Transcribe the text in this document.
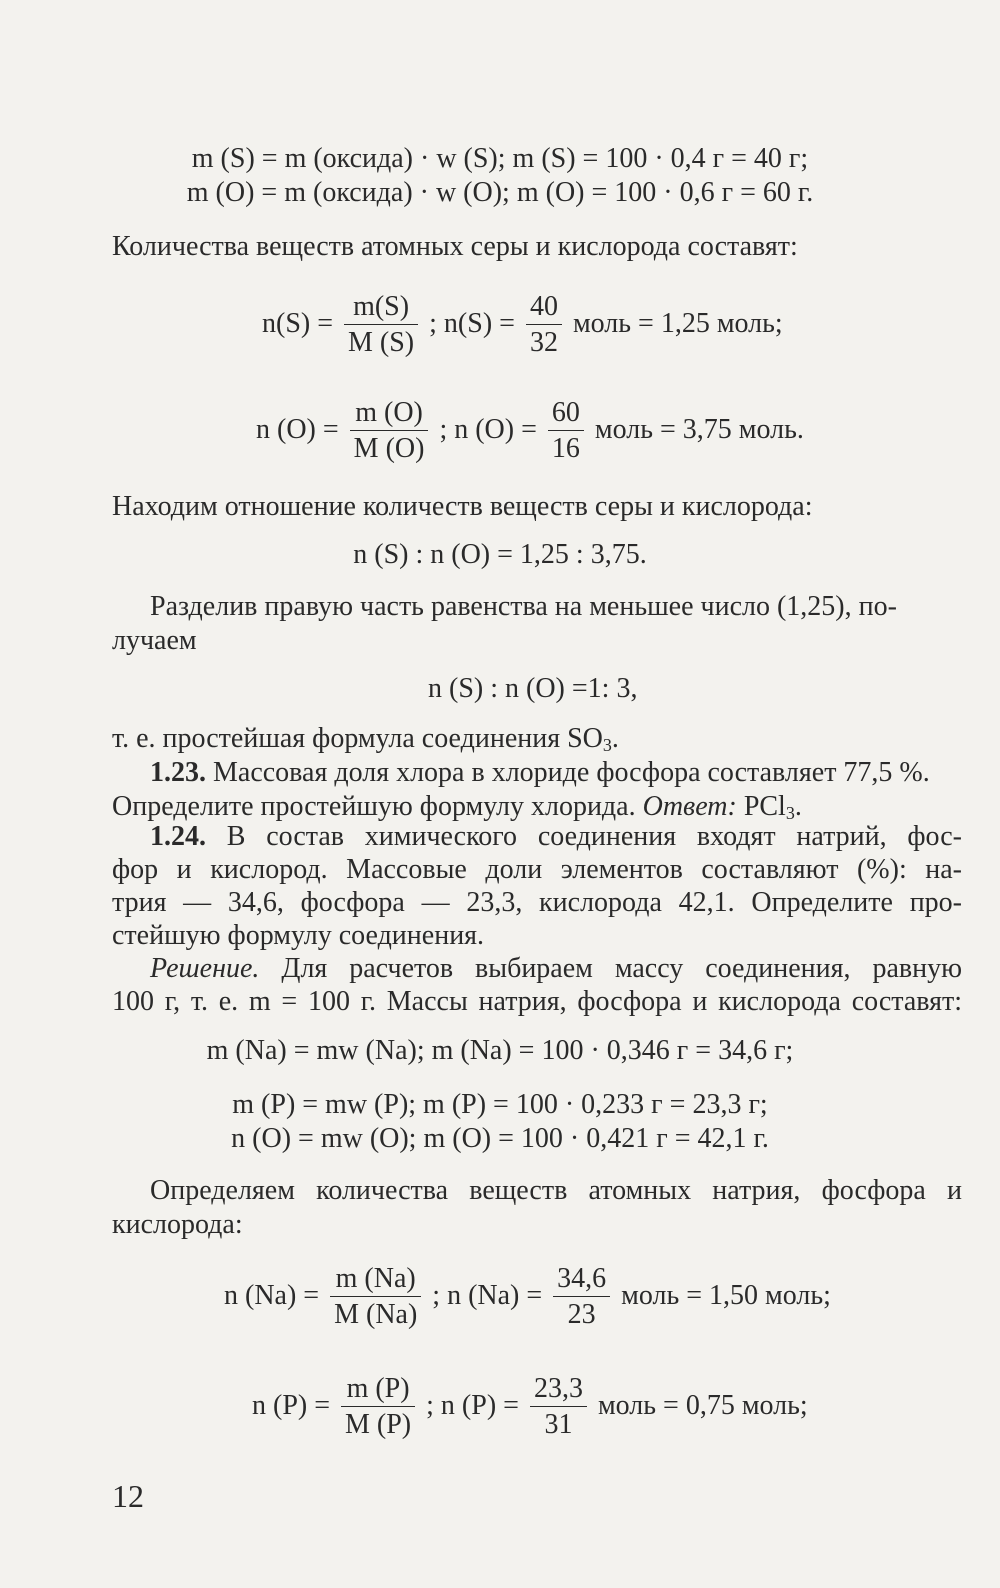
m (S) = m (оксида) · w (S); m (S) = 100 · 0,4 г = 40 г;
m (O) = m (оксида) · w (O); m (O) = 100 · 0,6 г = 60 г.
Количества веществ атомных серы и кислорода составят:
$n(S) = \frac{m(S)}{M (S)}$ ; $n(S) = \frac{40}{32}$ моль = 1,25 моль;
n $(O) = \frac{m (O)}{M (O)}$ ; n $(O) = \frac{60}{16}$ моль = 3,75 моль.
Находим отношение количеств веществ серы и кислорода:
n (S) : n (O) = 1,25 : 3,75.
Разделив правую часть равенства на меньшее число (1,25), по-
лучаем
n (S) : n (O) =1: 3,
т. е. простейшая формула соединения $SO_3$.
1.23. Массовая доля хлора в хлориде фосфора составляет 77,5 %.
Определите простейшую формулу хлорида. Ответ: PCl$_3$.
1.24. В состав химического соединения входят натрий, фос-
фор и кислород. Массовые доли элементов составляют (%): на-
трия — 34,6, фосфора — 23,3, кислорода 42,1. Определите про-
стейшую формулу соединения.
Решение. Для расчетов выбираем массу соединения, равную
100 г, т. е. m = 100 г. Массы натрия, фосфора и кислорода составят:
m (Na) = mw (Na); m (Na) = 100 · 0,346 г = 34,6 г;
m (P) = mw (P); m (P) = 100 · 0,233 г = 23,3 г;
n (O) = mw (O); m (O) = 100 · 0,421 г = 42,1 г.
Определяем количества веществ атомных натрия, фосфора и
кислорода:
n $(Na) = \frac{m (Na)}{M (Na)}$ ; n $(Na) = \frac{34,6}{23}$ моль = 1,50 моль;
n $(P) = \frac{m (P)}{M (P)}$ ; n $(P) = \frac{23,3}{31}$ моль = 0,75 моль;
12
